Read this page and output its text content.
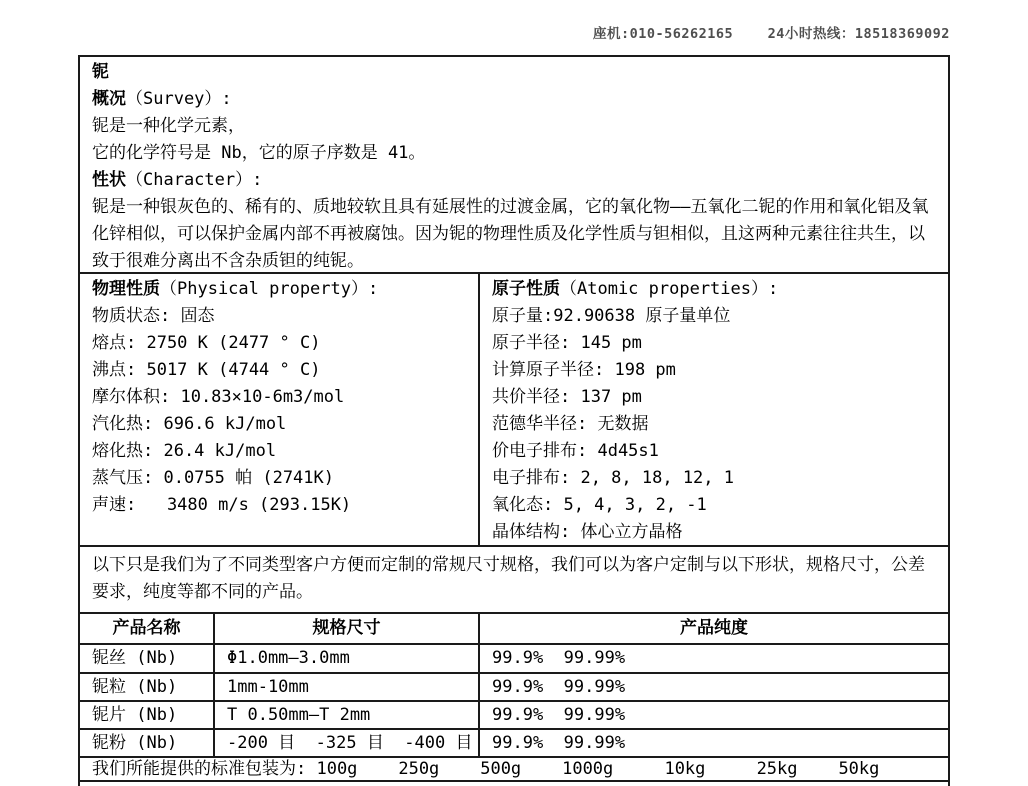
座机:010-56262165    24小时热线：18518369092
铌
概况（Survey）:
铌是一种化学元素，
它的化学符号是 Nb，它的原子序数是 41。
性状（Character）:
铌是一种银灰色的、稀有的、质地较软且具有延展性的过渡金属，它的氧化物——五氧化二铌的作用和氧化铝及氧化锌相似，可以保护金属内部不再被腐蚀。因为铌的物理性质及化学性质与钽相似，且这两种元素往往共生，以致于很难分离出不含杂质钽的纯铌。
物理性质（Physical property）:
物质状态: 固态
熔点: 2750 K (2477 ° C)
沸点: 5017 K (4744 ° C)
摩尔体积: 10.83×10-6m3/mol
汽化热: 696.6 kJ/mol
熔化热: 26.4 kJ/mol
蒸气压: 0.0755 帕 (2741K)
声速:   3480 m/s (293.15K)
原子性质（Atomic properties）:
原子量:92.90638 原子量单位
原子半径: 145 pm
计算原子半径: 198 pm
共价半径: 137 pm
范德华半径: 无数据
价电子排布: 4d45s1
电子排布: 2, 8, 18, 12, 1
氧化态: 5, 4, 3, 2, -1
晶体结构: 体心立方晶格
以下只是我们为了不同类型客户方便而定制的常规尺寸规格，我们可以为客户定制与以下形状，规格尺寸，公差要求，纯度等都不同的产品。
产品名称	规格尺寸	产品纯度
铌丝 (Nb)	Φ1.0mm—3.0mm	99.9%  99.99%
铌粒 (Nb)	1mm-10mm	99.9%  99.99%
铌片 (Nb)	T 0.50mm—T 2mm	99.9%  99.99%
铌粉 (Nb)	-200 目  -325 目  -400 目	99.9%  99.99%
我们所能提供的标准包装为: 100g    250g    500g    1000g     10kg     25kg    50kg
